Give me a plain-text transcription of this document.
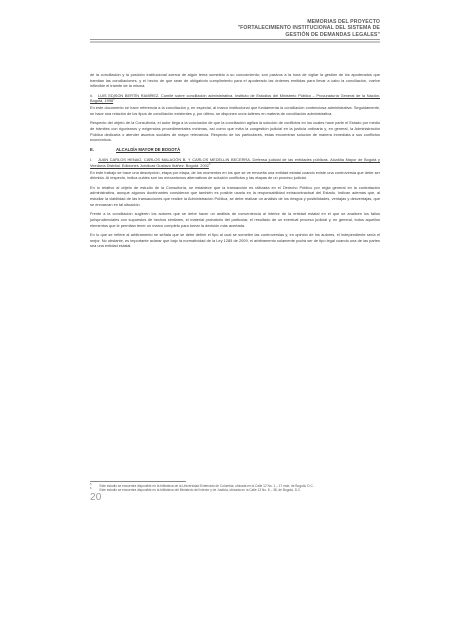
MEMORIAS DEL PROYECTO
"FORTALECIMIENTO INSTITUCIONAL DEL SISTEMA DE
GESTIÓN DE DEMANDAS LEGALES"

de la conciliación y la posición institucional acerca de algún tema sometido a su conocimiento; son pasivos a la hora de vigilar la gestión de los apoderados que tramitan las conciliaciones, y el hecho de que sean de obligatorio cumplimiento para el apoderado las órdenes emitidas para llevar a cabo la conciliación, vuelve inflexible el trámite de la misma.

ii. LUIS EDISON BERTÍN RAMÍREZ. Comité sobre conciliación administrativa. Instituto de Estudios del Ministerio Público – Procuraduría General de la Nación. Bogotá, 1998$^5$

En este documento se hace referencia a la conciliación y, en especial, al marco institucional que fundamenta la conciliación contenciosa administrativa. Seguidamente, se hace una relación de los tipos de conciliación existentes y, por último, se disponen unos talleres en materia de conciliación administrativa.

Respecto del objeto de la Consultoría, el autor llega a la conclusión de que la conciliación agiliza la solución de conflictos en los cuales hace parte el Estado por medio de trámites con rigorismos y exigencias procedimentales mínimas, así como que evita la congestión judicial en la justicia ordinaria y, en general, la Administración Pública dedicaría o atender asuntos sociales de mayor relevancia. Respecto de los particulares, éstas encuentran solución de manera inmediata a sus conflictos económicos.

E.	ALCALDÍA MAYOR DE BOGOTÁ

i. JUAN CARLOS HENAO, CARLOS MALAGÓN B. Y CARLOS MEDELLIN BECERRA. Defensa judicial de las entidades públicas. Alcaldía Mayor de Bogotá y Veeduría Distrital. Ediciones Jurídicas Gustavo Ibáñez. Bogotá. 2002$^6$

En este trabajo se hace una descripción, etapa por etapa, de los momentos en los que se ve envuelta una entidad estatal cuando existe una controversia que debe ser dirimida. Al respecto, indica cuáles son los mecanismos alternativos de solución conflictos y las etapas de un proceso judicial.

En lo relativo al objeto de estudio de la Consultoría, se establece que la transacción es utilizada en el Derecho Público por regla general en la contratación administrativa, aunque algunos doctrinantes consideran que también es posible usarla en la responsabilidad extracontractual del Estado. Indican además que, al estudiar la viabilidad de las transacciones que realice la Administración Pública, se debe realizar un análisis de los riesgos y posibilidades, ventajas y desventajas, que se enmarcan en tal situación.

Frente a la conciliación sugieren los autores que se debe hacer un análisis de conveniencia al interior de la entidad estatal en el que se analicen los fallos jurisprudenciales con supuestos de hechos similares, el material probatorio del particular, el resultado de un eventual proceso judicial y, en general, todos aquellos elementos que le permitan tener un marco completo para tomar la decisión más acertada.

En lo que se refiere al arbitramento se señala que se debe definir el tipo al cual se someten las controversias y, en opinión de los autores, el independiente sería el mejor. No obstante, es importante aclarar que bajo la normatividad de la Ley 1285 de 2009, el arbitramento solamente podrá ser de tipo legal cuando una de las partes sea una entidad estatal.

$^5$	Este estudio se encuentra disponible en la biblioteca de la Universidad Externado de Colombia, ubicada en la Calle 12 No. 1 – 17 este, de Bogotá, D.C.
$^6$	Este estudio se encuentra disponible en la biblioteca del Ministerio del Interior y de Justicia, ubicada en la Calle 13 No. 8 – 38, de Bogotá, D.C.
20
